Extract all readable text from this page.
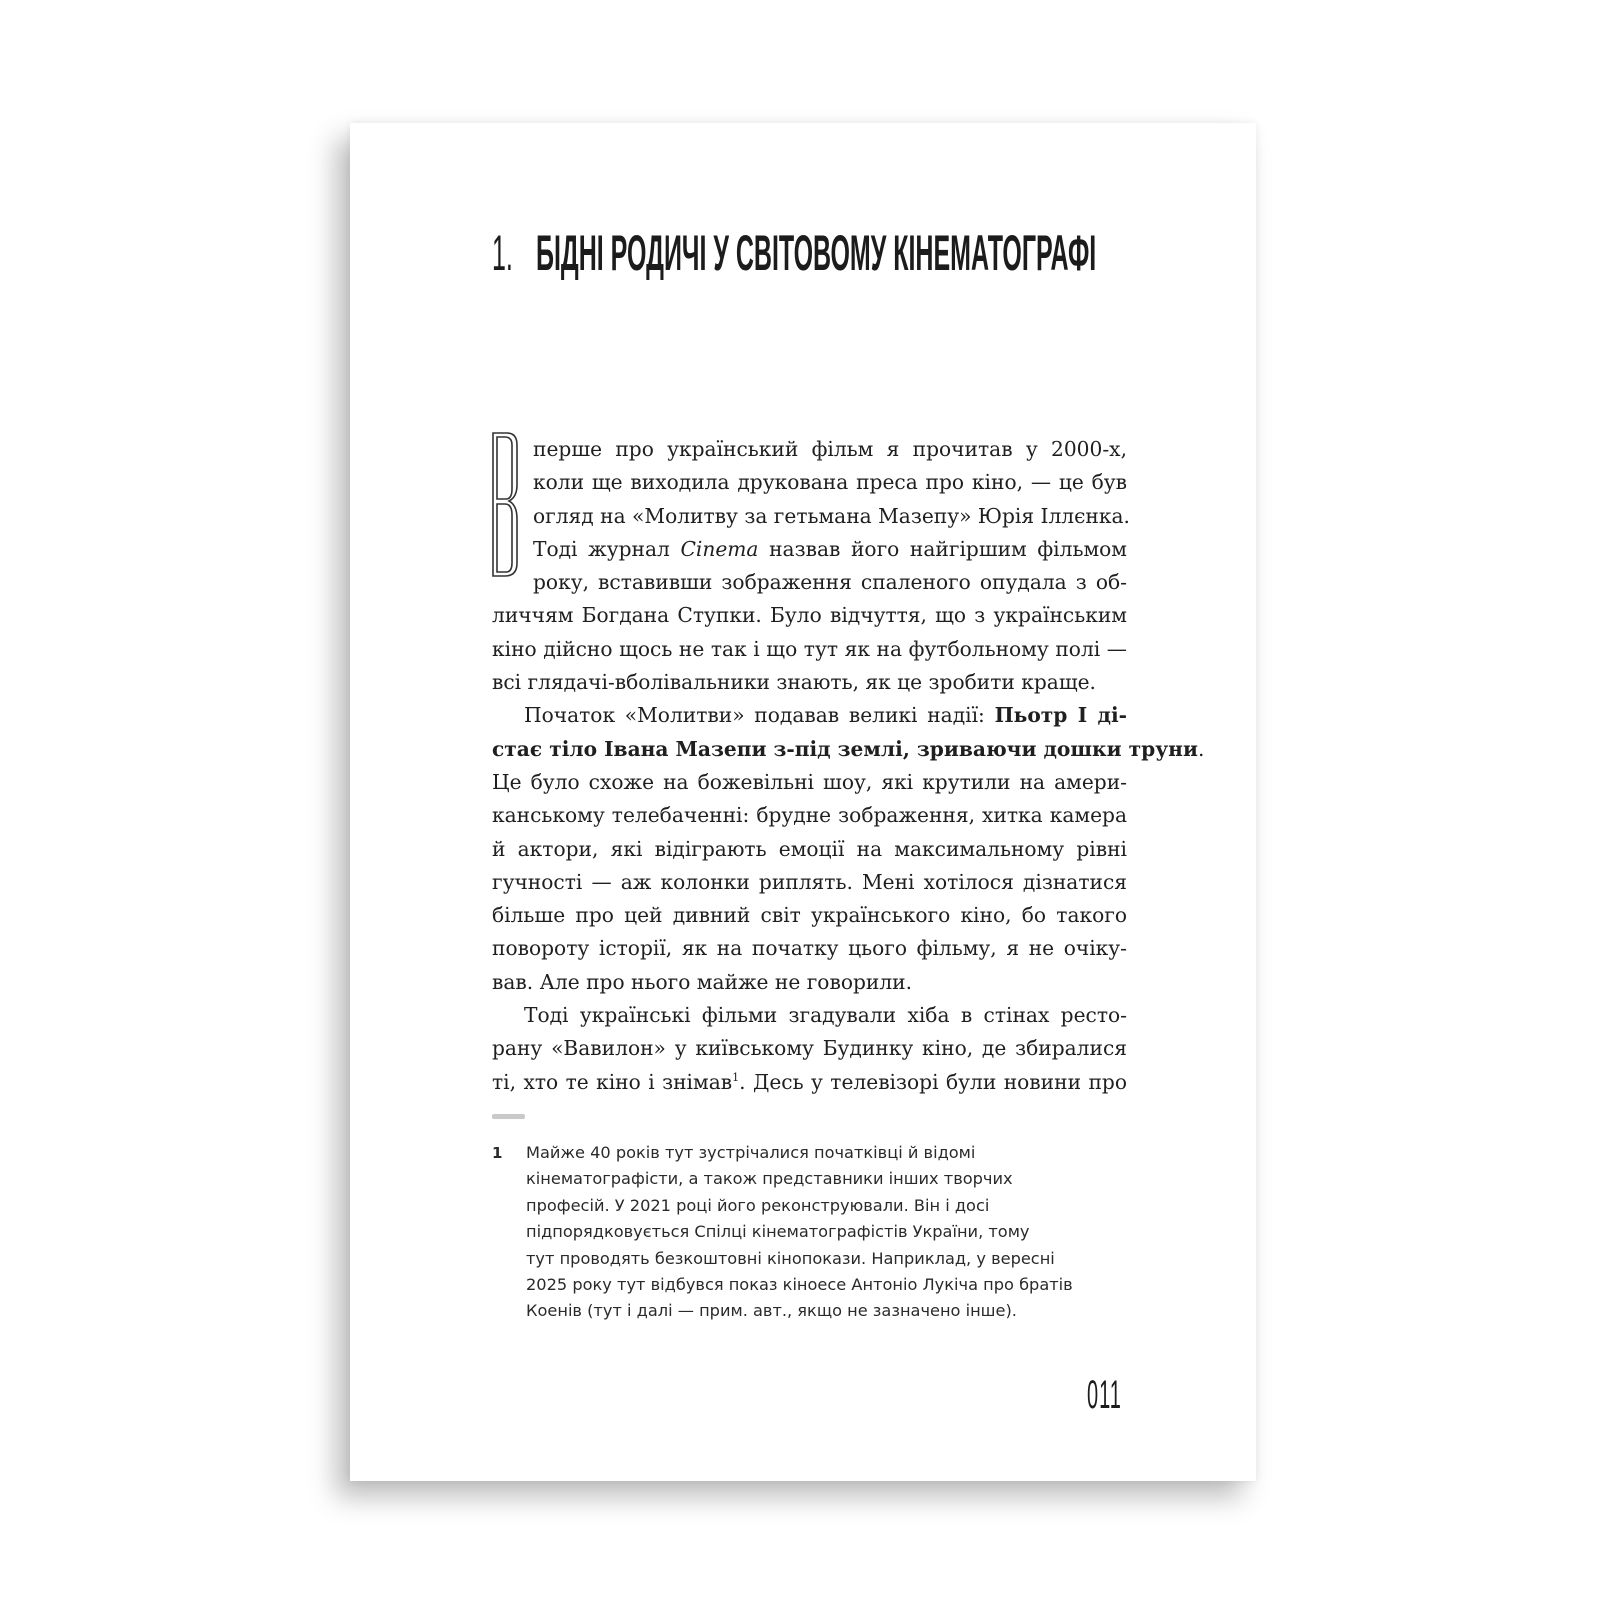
1. БІДНІ РОДИЧІ У СВІТОВОМУ КІНЕМАТОГРАФІ
перше про український фільм я прочитав у 2000-х,
коли ще виходила друкована преса про кіно, — це був
огляд на «Молитву за гетьмана Мазепу» Юрія Іллєнка.
Тоді журнал Cinema назвав його найгіршим фільмом
року, вставивши зображення спаленого опудала з об-
личчям Богдана Ступки. Було відчуття, що з українським
кіно дійсно щось не так і що тут як на футбольному полі —
всі глядачі-вболівальники знають, як це зробити краще.
Початок «Молитви» подавав великі надії: Пьотр I ді-
стає тіло Івана Мазепи з-під землі, зриваючи дошки труни.
Це було схоже на божевільні шоу, які крутили на амери-
канському телебаченні: брудне зображення, хитка камера
й актори, які відіграють емоції на максимальному рівні
гучності — аж колонки риплять. Мені хотілося дізнатися
більше про цей дивний світ українського кіно, бо такого
повороту історії, як на початку цього фільму, я не очіку-
вав. Але про нього майже не говорили.
Тоді українські фільми згадували хіба в стінах ресто-
рану «Вавилон» у київському Будинку кіно, де збиралися
ті, хто те кіно і знімав$^1$. Десь у телевізорі були новини про
1 Майже 40 років тут зустрічалися початківці й відомі
кінематографісти, а також представники інших творчих
професій. У 2021 році його реконструювали. Він і досі
підпорядковується Спілці кінематографістів України, тому
тут проводять безкоштовні кінопокази. Наприклад, у вересні
2025 року тут відбувся показ кіноесе Антоніо Лукіча про братів
Коенів (тут і далі — прим. авт., якщо не зазначено інше).
011
